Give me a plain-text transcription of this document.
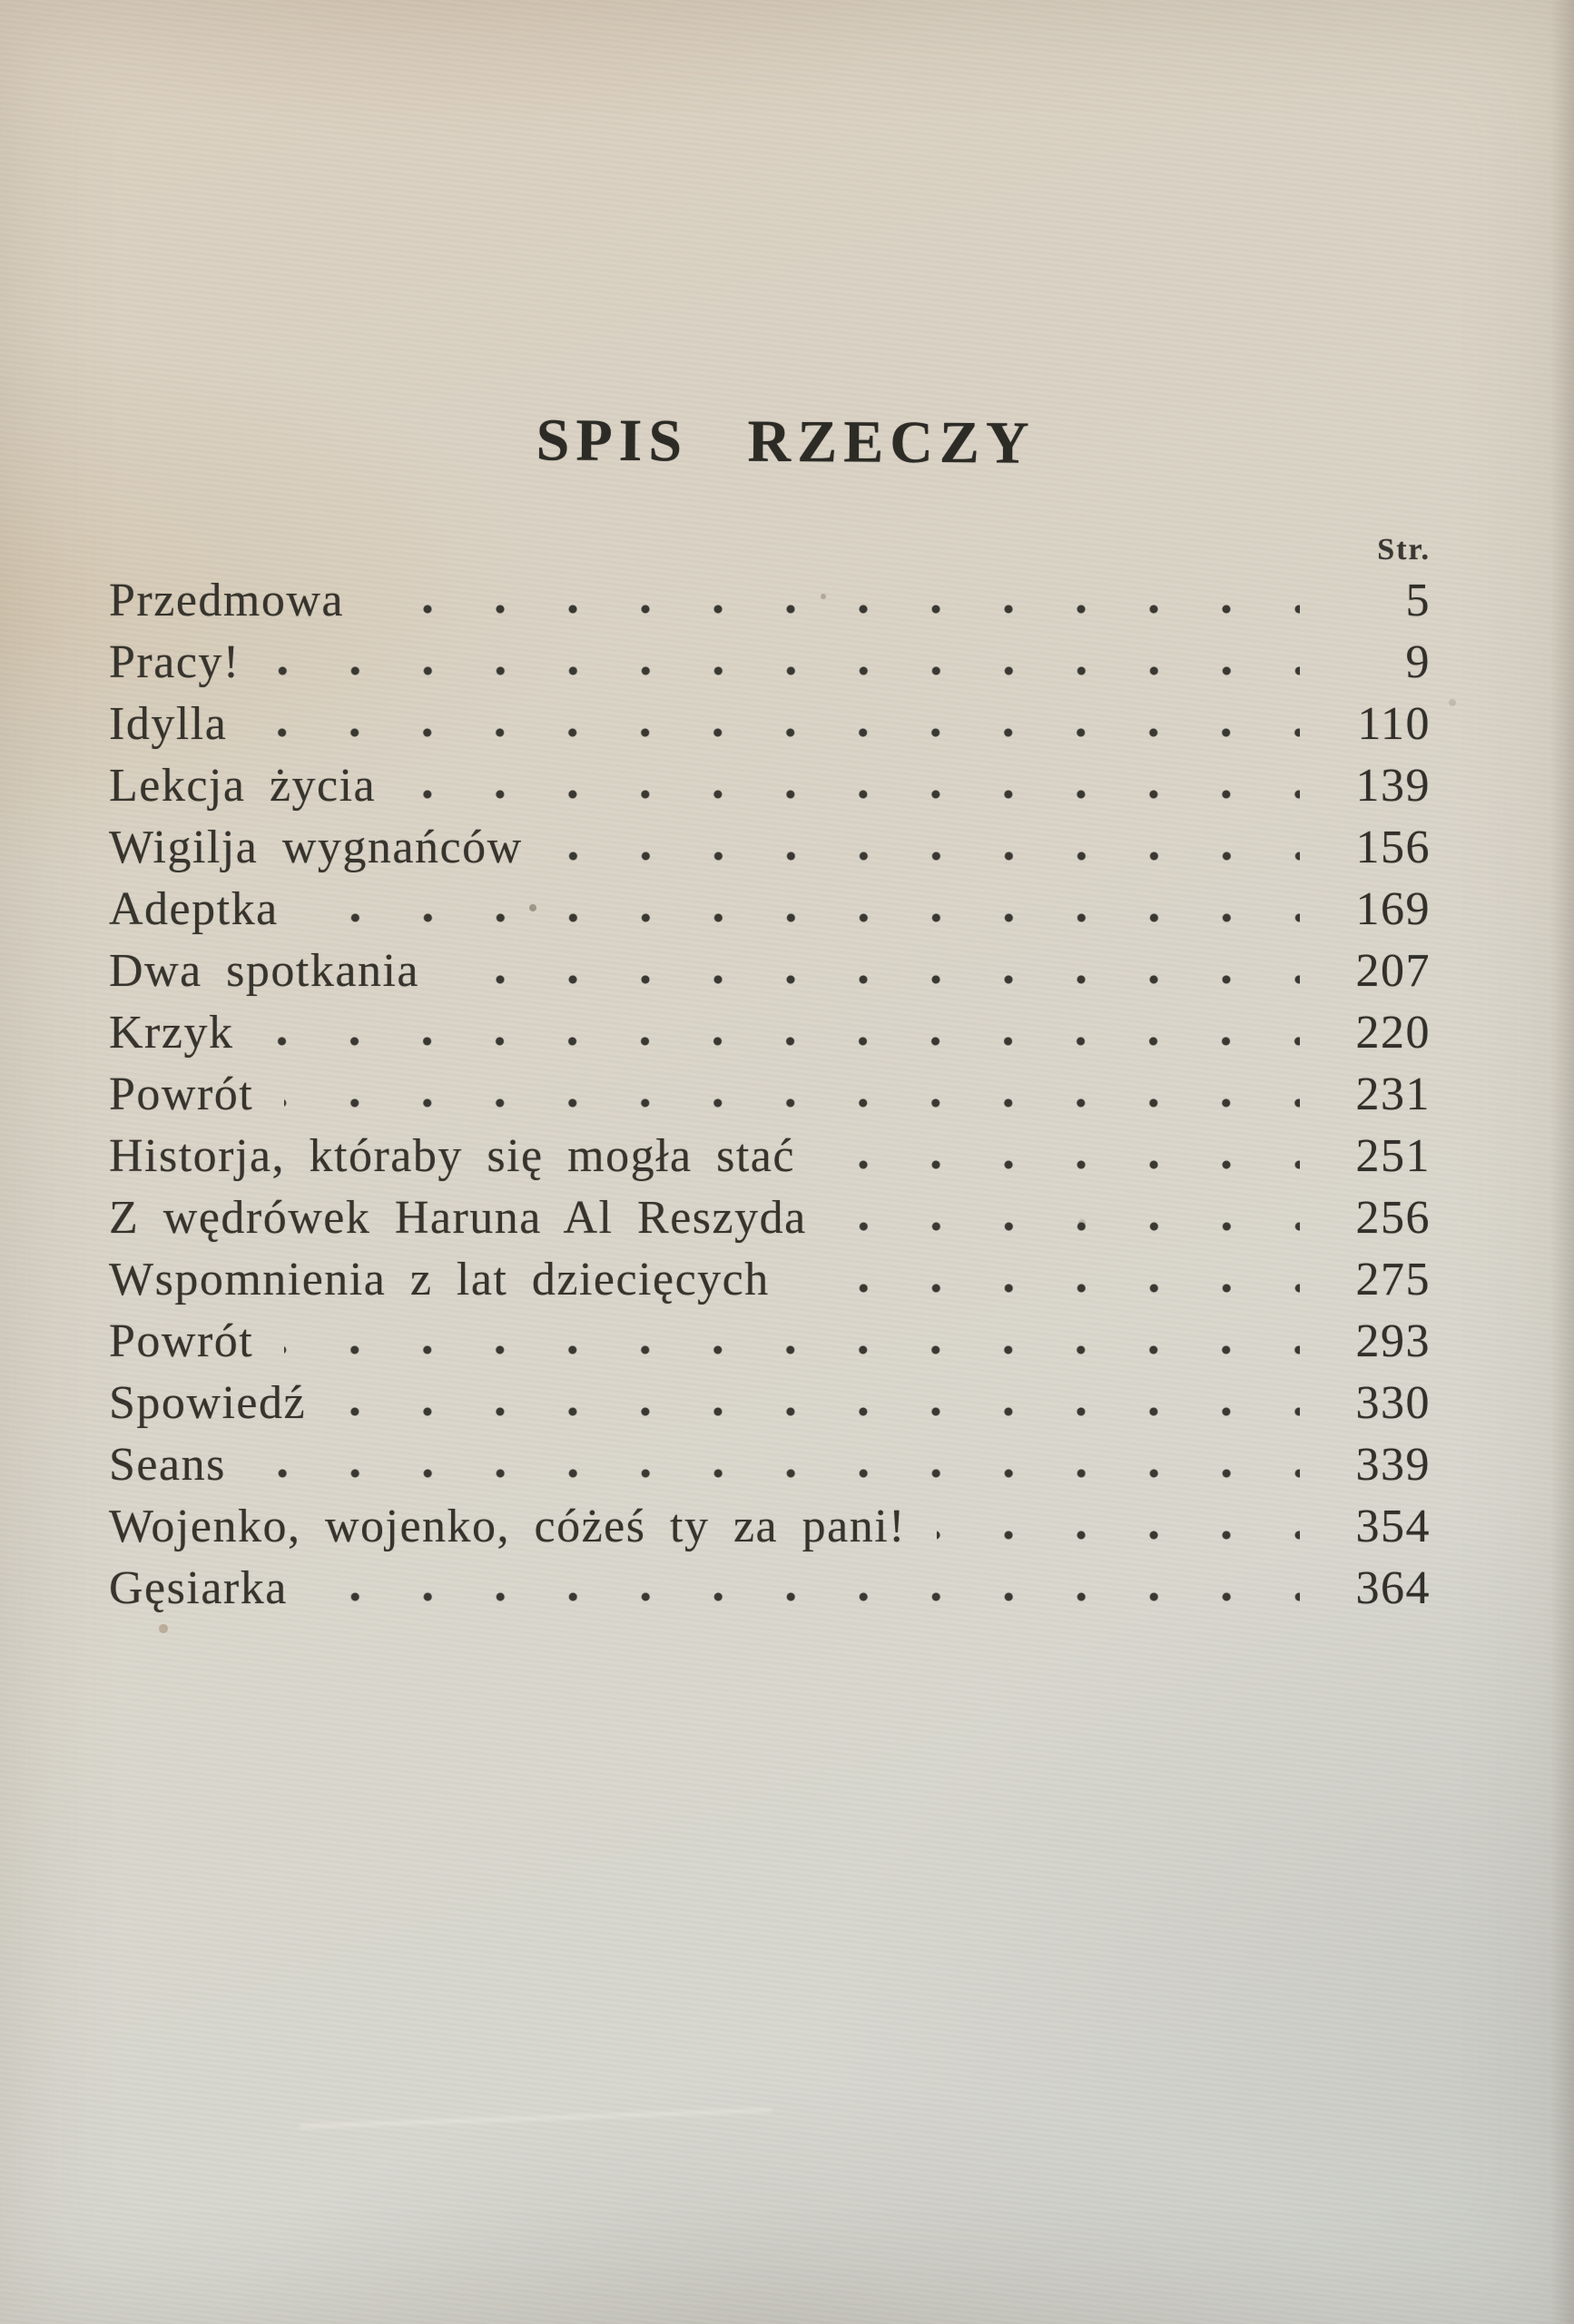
SPIS RZECZY
Str.
Przedmowa	5
Pracy!	9
Idylla	110
Lekcja życia	139
Wigilja wygnańców	156
Adeptka	169
Dwa spotkania	207
Krzyk	220
Powrót	231
Historja, któraby się mogła stać	251
Z wędrówek Haruna Al Reszyda	256
Wspomnienia z lat dziecięcych	275
Powrót	293
Spowiedź	330
Seans	339
Wojenko, wojenko, cóżeś ty za pani!	354
Gęsiarka	364
